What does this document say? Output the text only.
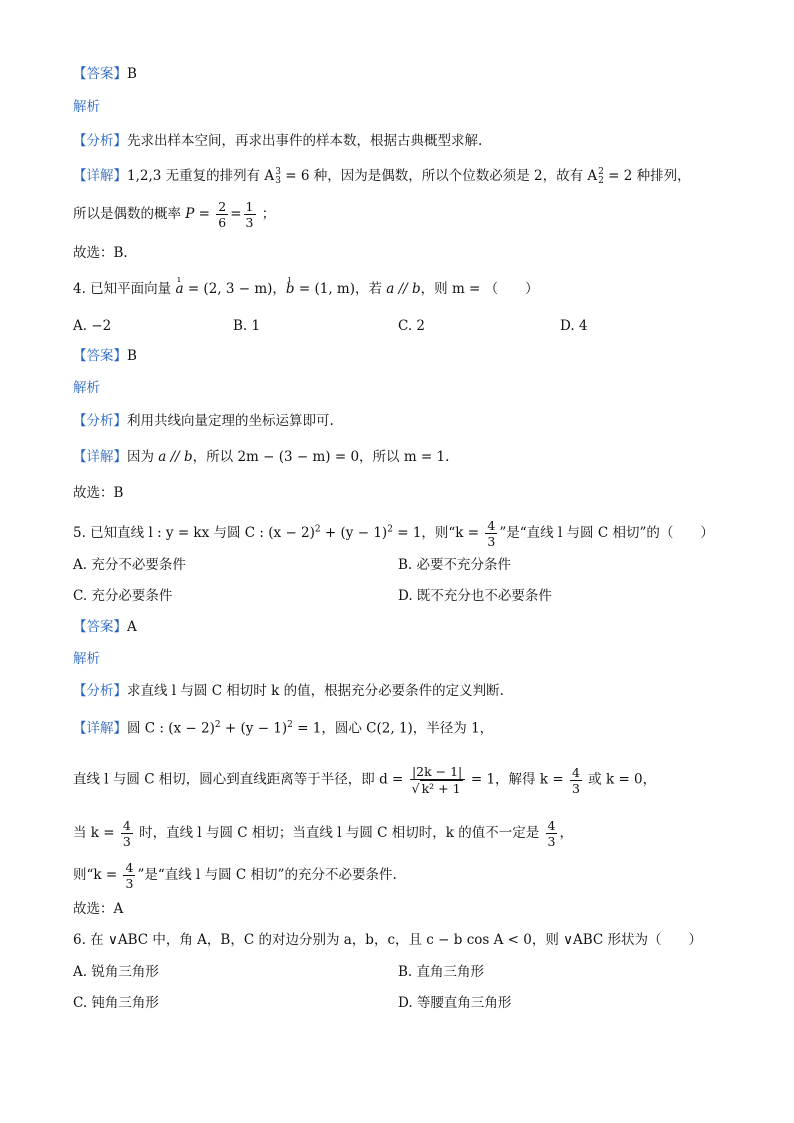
【答案】B
解析
【分析】先求出样本空间，再求出事件的样本数，根据古典概型求解.
【详解】1,2,3 无重复的排列有 A 3
3 = 6 种，因为是偶数，所以个位数必须是 2，故有 A 2
2 = 2 种排列，
所以是偶数的概率 $P = \frac{2}{6} = \frac{1}{3}$ ；
故选：B.
4. 已知平面向量 ı a = (2, 3 − m)，ı b = (1, m)，若 a // b，则 m = （　　）
A. −2	B. 1	C. 2	D. 4
【答案】B
解析
【分析】利用共线向量定理的坐标运算即可.
【详解】因为 a // b，所以 2m − (3 − m) = 0，所以 m = 1.
故选：B
5. 已知直线 l : y = kx 与圆 C : $(x - 2)^2 + (y - 1)^2 = 1$，则“$k = \frac{4}{3}$ ”是“直线 l 与圆 C 相切”的（　　）
A. 充分不必要条件	B. 必要不充分条件
C. 充分必要条件	D. 既不充分也不必要条件
【答案】A
解析
【分析】求直线 l 与圆 C 相切时 k 的值，根据充分必要条件的定义判断.
【详解】圆 C : $(x - 2)^2 + (y - 1)^2 = 1$，圆心 C(2, 1)，半径为 1，
直线 l 与圆 C 相切，圆心到直线距离等于半径，即 $d = \frac{|2k - 1|}{\text{√ k² + 1}} = 1$，解得 $k = \frac{4}{3}$ 或 k = 0，
当 $k = \frac{4}{3}$ 时，直线 l 与圆 C 相切；当直线 l 与圆 C 相切时，k 的值不一定是 $\frac{4}{3}$ ，
则“$k = \frac{4}{3}$ ”是“直线 l 与圆 C 相切”的充分不必要条件.
故选：A
6. 在 ∨ABC 中，角 A，B，C 的对边分别为 a，b，c，且 c − b cos A < 0，则 ∨ABC 形状为（　　）
A. 锐角三角形	B. 直角三角形
C. 钝角三角形	D. 等腰直角三角形
